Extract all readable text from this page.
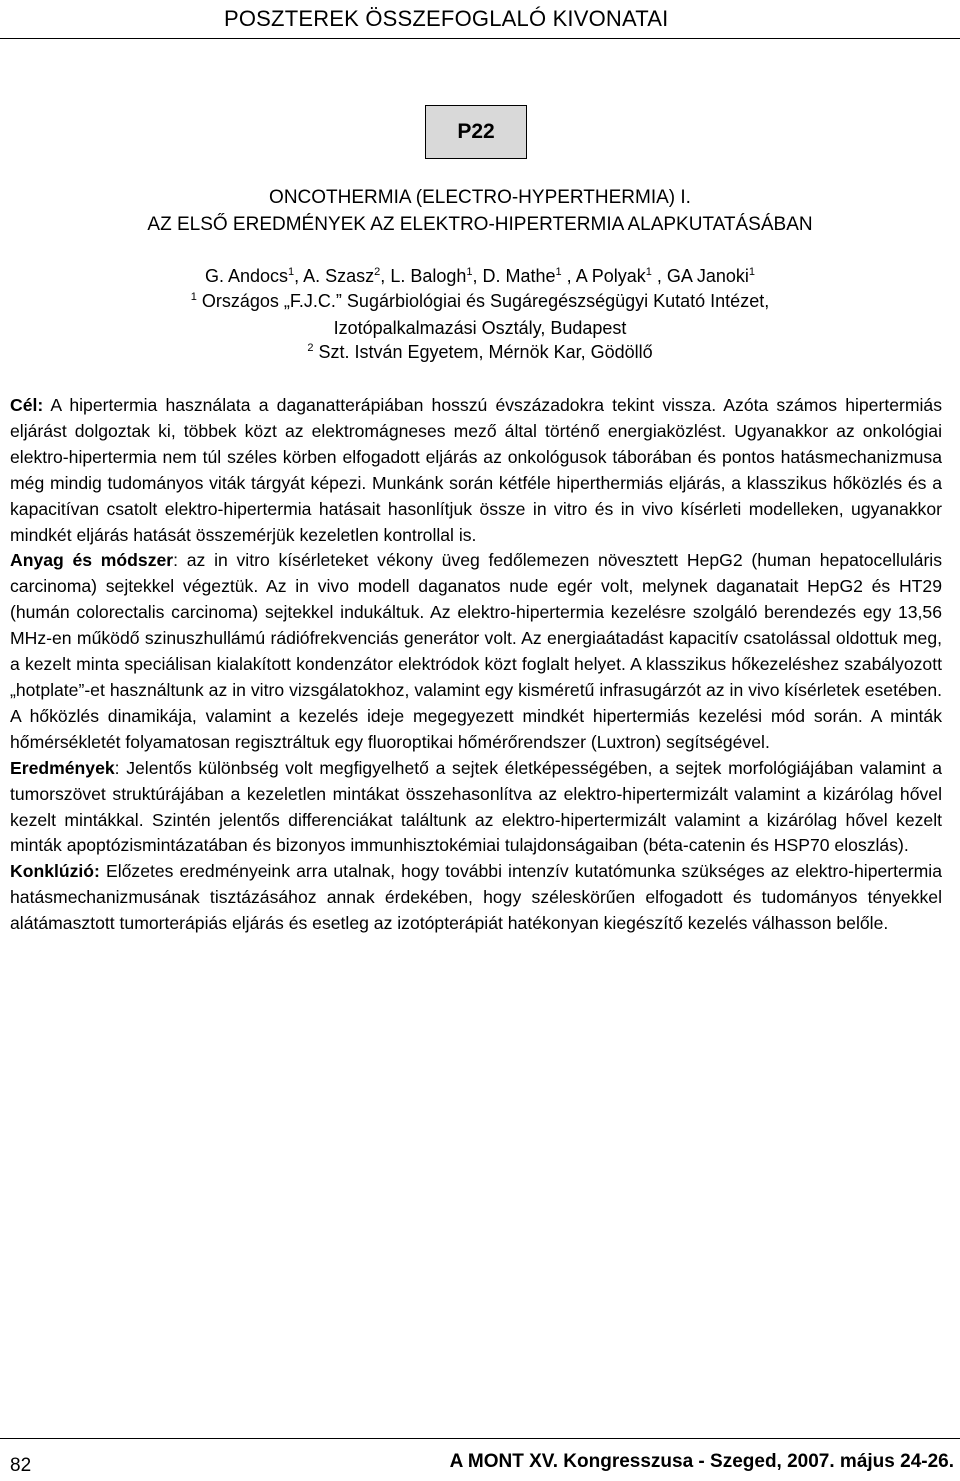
POSZTEREK ÖSSZEFOGLALÓ KIVONATAI
P22
ONCOTHERMIA (ELECTRO-HYPERTHERMIA) I.
AZ ELSŐ EREDMÉNYEK AZ ELEKTRO-HIPERTERMIA ALAPKUTATÁSÁBAN
G. Andocs$^1$, A. Szasz$^2$, L. Balogh$^1$, D. Mathe$^1$ , A Polyak$^1$ , GA Janoki$^1$
$^1$ Országos „F.J.C.” Sugárbiológiai és Sugáregészségügyi Kutató Intézet,
Izotópalkalmazási Osztály, Budapest
$^2$ Szt. István Egyetem, Mérnök Kar, Gödöllő

Cél: A hipertermia használata a daganatterápiában hosszú évszázadokra tekint vissza. Azóta számos hipertermiás eljárást dolgoztak ki, többek közt az elektromágneses mező által történő energiaközlést. Ugyanakkor az onkológiai elektro-hipertermia nem túl széles körben elfogadott eljárás az onkológusok táborában és pontos hatásmechanizmusa még mindig tudományos viták tárgyát képezi. Munkánk során kétféle hiperthermiás eljárás, a klasszikus hőközlés és a kapacitívan csatolt elektro-hipertermia hatásait hasonlítjuk össze in vitro és in vivo kísérleti modelleken, ugyanakkor mindkét eljárás hatását összemérjük kezeletlen kontrollal is.

Anyag és módszer: az in vitro kísérleteket vékony üveg fedőlemezen növesztett HepG2 (human hepatocelluláris carcinoma) sejtekkel végeztük. Az in vivo modell daganatos nude egér volt, melynek daganatait HepG2 és HT29 (humán colorectalis carcinoma) sejtekkel indukáltuk. Az elektro-hipertermia kezelésre szolgáló berendezés egy 13,56 MHz-en működő szinuszhullámú rádiófrekvenciás generátor volt. Az energiaátadást kapacitív csatolással oldottuk meg, a kezelt minta speciálisan kialakított kondenzátor elektródok közt foglalt helyet. A klasszikus hőkezeléshez szabályozott „hotplate”-et használtunk az in vitro vizsgálatokhoz, valamint egy kisméretű infrasugárzót az in vivo kísérletek esetében. A hőközlés dinamikája, valamint a kezelés ideje megegyezett mindkét hipertermiás kezelési mód során. A minták hőmérsékletét folyamatosan regisztráltuk egy fluoroptikai hőmérőrendszer (Luxtron) segítségével.

Eredmények: Jelentős különbség volt megfigyelhető a sejtek életképességében, a sejtek morfológiájában valamint a tumorszövet struktúrájában a kezeletlen mintákat összehasonlítva az elektro-hipertermizált valamint a kizárólag hővel kezelt mintákkal. Szintén jelentős differenciákat találtunk az elektro-hipertermizált valamint a kizárólag hővel kezelt minták apoptózismintázatában és bizonyos immunhisztokémiai tulajdonságaiban (béta-catenin és HSP70 eloszlás).

Konklúzió: Előzetes eredményeink arra utalnak, hogy további intenzív kutatómunka szükséges az elektro-hipertermia hatásmechanizmusának tisztázásához annak érdekében, hogy széleskörűen elfogadott és tudományos tényekkel alátámasztott tumorterápiás eljárás és esetleg az izotópterápiát hatékonyan kiegészítő kezelés válhasson belőle.

82	A MONT XV. Kongresszusa - Szeged, 2007. május 24-26.
